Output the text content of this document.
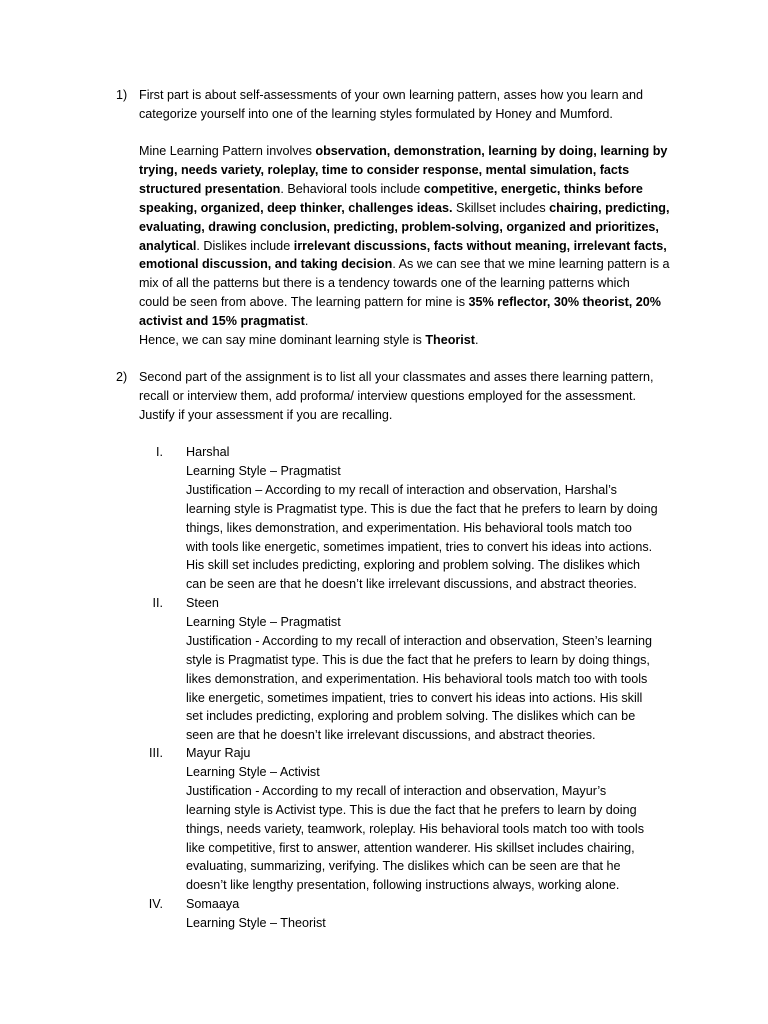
1) First part is about self-assessments of your own learning pattern, asses how you learn and
categorize yourself into one of the learning styles formulated by Honey and Mumford.
Mine Learning Pattern involves observation, demonstration, learning by doing, learning by
trying, needs variety, roleplay, time to consider response, mental simulation, facts
structured presentation. Behavioral tools include competitive, energetic, thinks before
speaking, organized, deep thinker, challenges ideas. Skillset includes chairing, predicting,
evaluating, drawing conclusion, predicting, problem-solving, organized and prioritizes,
analytical. Dislikes include irrelevant discussions, facts without meaning, irrelevant facts,
emotional discussion, and taking decision. As we can see that we mine learning pattern is a
mix of all the patterns but there is a tendency towards one of the learning patterns which
could be seen from above. The learning pattern for mine is 35% reflector, 30% theorist, 20%
activist and 15% pragmatist.
Hence, we can say mine dominant learning style is Theorist.
2) Second part of the assignment is to list all your classmates and asses there learning pattern,
recall or interview them, add proforma/ interview questions employed for the assessment.
Justify if your assessment if you are recalling.
I. Harshal
Learning Style – Pragmatist
Justification – According to my recall of interaction and observation, Harshal’s
learning style is Pragmatist type. This is due the fact that he prefers to learn by doing
things, likes demonstration, and experimentation. His behavioral tools match too
with tools like energetic, sometimes impatient, tries to convert his ideas into actions.
His skill set includes predicting, exploring and problem solving. The dislikes which
can be seen are that he doesn’t like irrelevant discussions, and abstract theories.
II. Steen
Learning Style – Pragmatist
Justification - According to my recall of interaction and observation, Steen’s learning
style is Pragmatist type. This is due the fact that he prefers to learn by doing things,
likes demonstration, and experimentation. His behavioral tools match too with tools
like energetic, sometimes impatient, tries to convert his ideas into actions. His skill
set includes predicting, exploring and problem solving. The dislikes which can be
seen are that he doesn’t like irrelevant discussions, and abstract theories.
III. Mayur Raju
Learning Style – Activist
Justification - According to my recall of interaction and observation, Mayur’s
learning style is Activist type. This is due the fact that he prefers to learn by doing
things, needs variety, teamwork, roleplay. His behavioral tools match too with tools
like competitive, first to answer, attention wanderer. His skillset includes chairing,
evaluating, summarizing, verifying. The dislikes which can be seen are that he
doesn’t like lengthy presentation, following instructions always, working alone.
IV. Somaaya
Learning Style – Theorist
